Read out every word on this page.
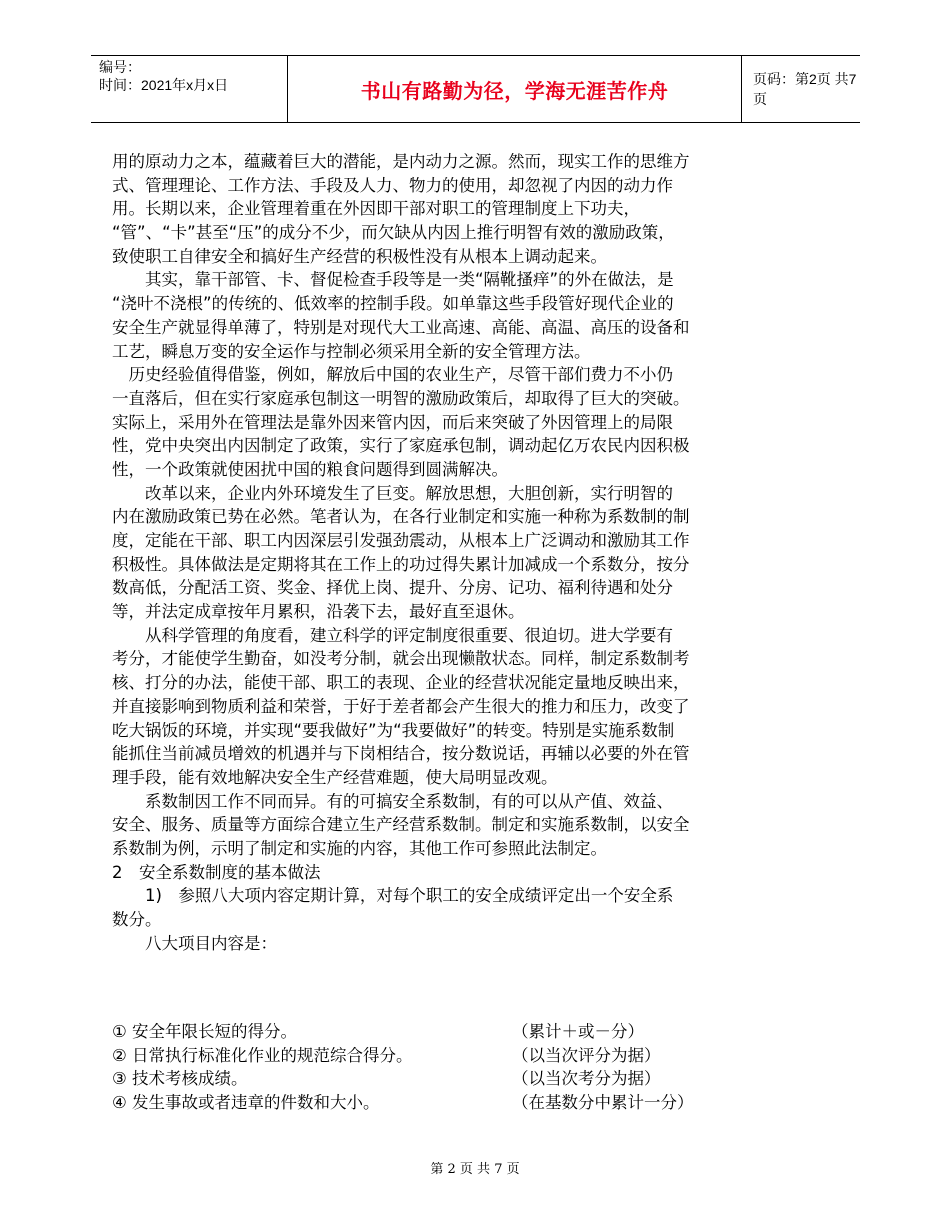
编号：
时间：2021年x月x日	书山有路勤为径，学海无涯苦作舟	页码：第2页 共7页
用的原动力之本，蕴藏着巨大的潜能，是内动力之源。然而，现实工作的思维方
式、管理理论、工作方法、手段及人力、物力的使用，却忽视了内因的动力作
用。长期以来，企业管理着重在外因即干部对职工的管理制度上下功夫，
“管”、“卡”甚至“压”的成分不少，而欠缺从内因上推行明智有效的激励政策，
致使职工自律安全和搞好生产经营的积极性没有从根本上调动起来。
　　其实，靠干部管、卡、督促检查手段等是一类“隔靴搔痒”的外在做法，是
“浇叶不浇根”的传统的、低效率的控制手段。如单靠这些手段管好现代企业的
安全生产就显得单薄了，特别是对现代大工业高速、高能、高温、高压的设备和
工艺，瞬息万变的安全运作与控制必须采用全新的安全管理方法。
　历史经验值得借鉴，例如，解放后中国的农业生产，尽管干部们费力不小仍
一直落后，但在实行家庭承包制这一明智的激励政策后，却取得了巨大的突破。
实际上，采用外在管理法是靠外因来管内因，而后来突破了外因管理上的局限
性，党中央突出内因制定了政策，实行了家庭承包制，调动起亿万农民内因积极
性，一个政策就使困扰中国的粮食问题得到圆满解决。
　　改革以来，企业内外环境发生了巨变。解放思想，大胆创新，实行明智的
内在激励政策已势在必然。笔者认为，在各行业制定和实施一种称为系数制的制
度，定能在干部、职工内因深层引发强劲震动，从根本上广泛调动和激励其工作
积极性。具体做法是定期将其在工作上的功过得失累计加减成一个系数分，按分
数高低，分配活工资、奖金、择优上岗、提升、分房、记功、福利待遇和处分
等，并法定成章按年月累积，沿袭下去，最好直至退休。
　　从科学管理的角度看，建立科学的评定制度很重要、很迫切。进大学要有
考分，才能使学生勤奋，如没考分制，就会出现懒散状态。同样，制定系数制考
核、打分的办法，能使干部、职工的表现、企业的经营状况能定量地反映出来，
并直接影响到物质利益和荣誉，于好于差者都会产生很大的推力和压力，改变了
吃大锅饭的环境，并实现“要我做好”为“我要做好”的转变。特别是实施系数制
能抓住当前减员增效的机遇并与下岗相结合，按分数说话，再辅以必要的外在管
理手段，能有效地解决安全生产经营难题，使大局明显改观。
　　系数制因工作不同而异。有的可搞安全系数制，有的可以从产值、效益、
安全、服务、质量等方面综合建立生产经营系数制。制定和实施系数制，以安全
系数制为例，示明了制定和实施的内容，其他工作可参照此法制定。
2　安全系数制度的基本做法
　　1)　参照八大项内容定期计算，对每个职工的安全成绩评定出一个安全系
数分。
　　八大项目内容是：
① 安全年限长短的得分。	（累计＋或－分）
② 日常执行标准化作业的规范综合得分。	（以当次评分为据）
③ 技术考核成绩。	（以当次考分为据）
④ 发生事故或者违章的件数和大小。	（在基数分中累计一分）
第 2 页 共 7 页
